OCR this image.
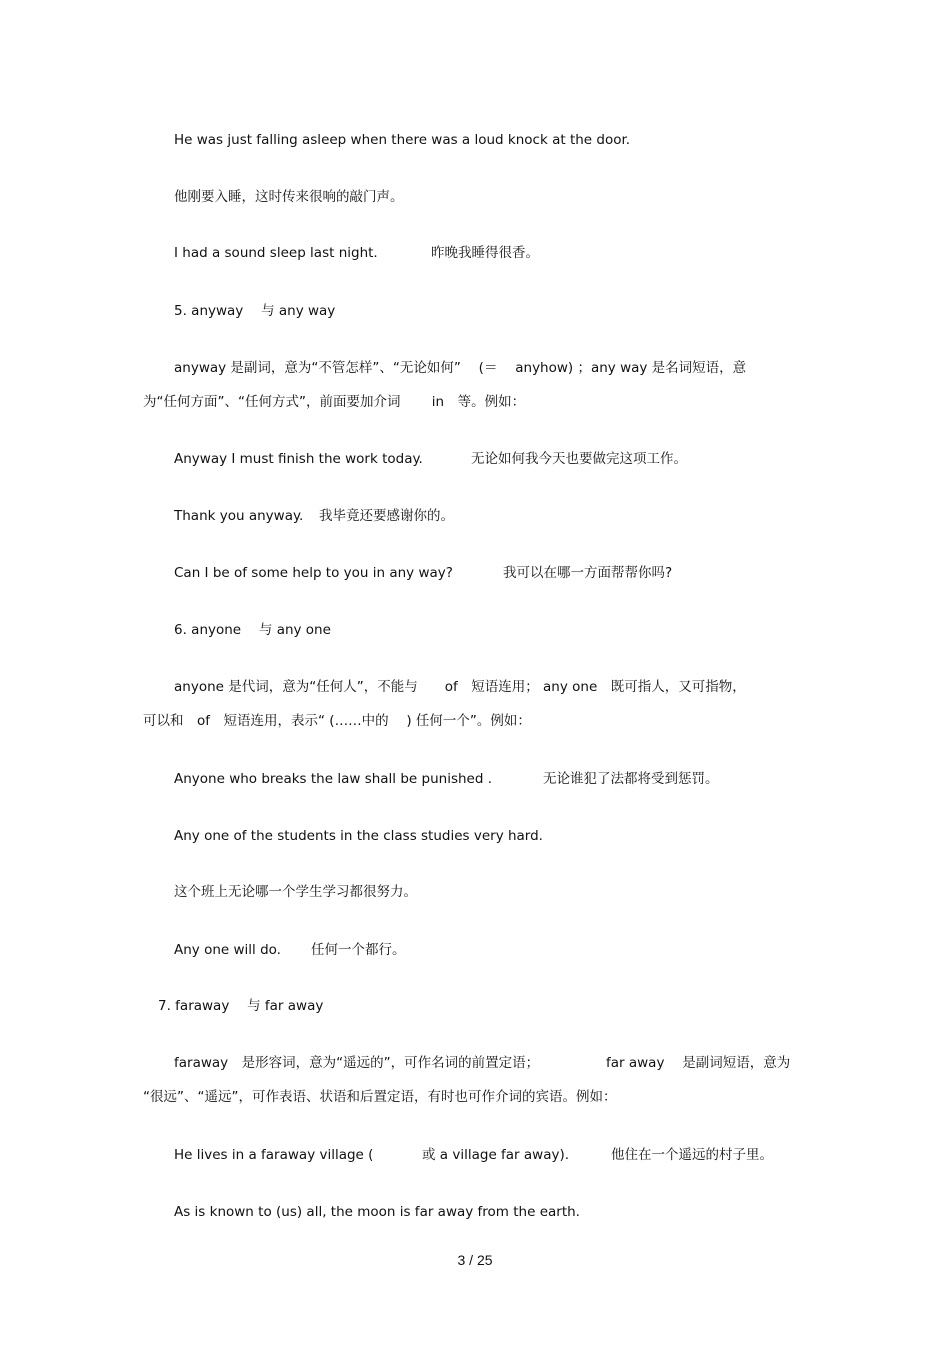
He was just falling asleep when there was a loud knock at the door.
他刚要入睡，这时传来很响的敲门声。
I had a sound sleep last night.	昨晚我睡得很香。
5. anyway　 与 any way
anyway 是副词，意为“不管怎样”、“无论如何”　 (＝　 anyhow) ；any way 是名词短语，意
为“任何方面”、“任何方式”，前面要加介词　　 in　等。例如：
Anyway I must finish the work today.	无论如何我今天也要做完这项工作。
Thank you anyway. 我毕竟还要感谢你的。
Can I be of some help to you in any way?	我可以在哪一方面帮帮你吗?
6. anyone　 与 any one
anyone 是代词，意为“任何人”，不能与　　of　短语连用； any one　既可指人，又可指物，
可以和　of　短语连用，表示“ (……中的　 ) 任何一个”。例如：
Anyone who breaks the law shall be punished .	无论谁犯了法都将受到惩罚。
Any one of the students in the class studies very hard.
这个班上无论哪一个学生学习都很努力。
Any one will do. 任何一个都行。
7. faraway　 与 far away
faraway　是形容词，意为“遥远的”，可作名词的前置定语；	far away　 是副词短语，意为
“很远”、“遥远”，可作表语、状语和后置定语，有时也可作介词的宾语。例如：
He lives in a faraway village (	或 a village far away).	他住在一个遥远的村子里。
As is known to (us) all, the moon is far away from the earth.
3 / 25
